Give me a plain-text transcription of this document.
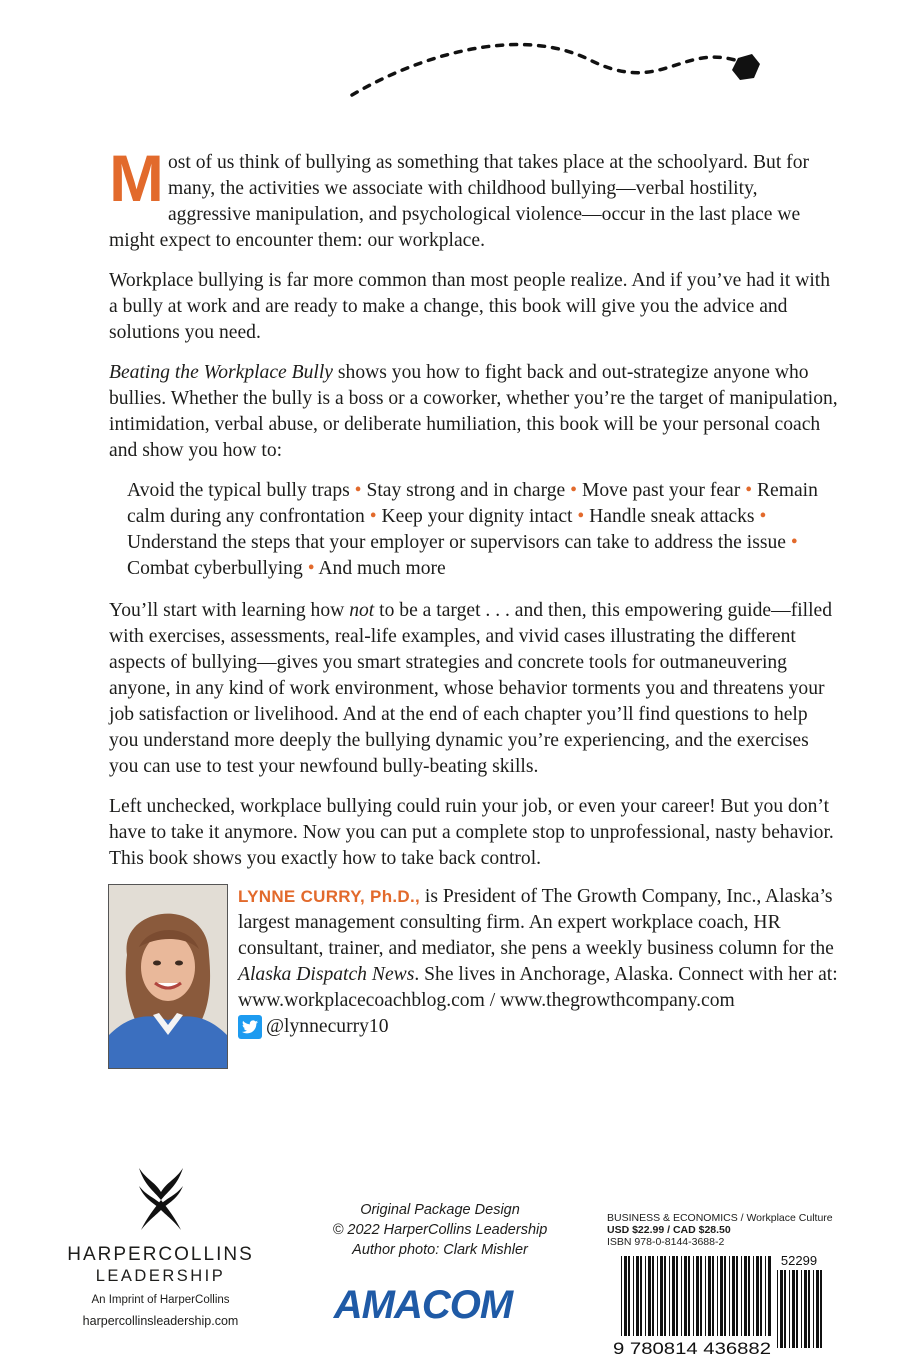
Most of us think of bullying as something that takes place at the schoolyard. But for many, the activities we associate with childhood bullying—verbal hostility, aggressive manipulation, and psychological violence—occur in the last place we might expect to encounter them: our workplace.

Workplace bullying is far more common than most people realize. And if you’ve had it with a bully at work and are ready to make a change, this book will give you the advice and solutions you need.

Beating the Workplace Bully shows you how to fight back and out-strategize anyone who bullies. Whether the bully is a boss or a coworker, whether you’re the target of manipulation, intimidation, verbal abuse, or deliberate humiliation, this book will be your personal coach and show you how to:

Avoid the typical bully traps • Stay strong and in charge • Move past your fear • Remain calm during any confrontation • Keep your dignity intact • Handle sneak attacks • Understand the steps that your employer or supervisors can take to address the issue • Combat cyberbullying • And much more

You’ll start with learning how not to be a target . . . and then, this empowering guide—filled with exercises, assessments, real-life examples, and vivid cases illustrating the different aspects of bullying—gives you smart strategies and concrete tools for outmaneuvering anyone, in any kind of work environment, whose behavior torments you and threatens your job satisfaction or livelihood. And at the end of each chapter you’ll find questions to help you understand more deeply the bullying dynamic you’re experiencing, and the exercises you can use to test your newfound bully-beating skills.

Left unchecked, workplace bullying could ruin your job, or even your career! But you don’t have to take it anymore. Now you can put a complete stop to unprofessional, nasty behavior. This book shows you exactly how to take back control.

LYNNE CURRY, Ph.D., is President of The Growth Company, Inc., Alaska’s largest management consulting firm. An expert workplace coach, HR consultant, trainer, and mediator, she pens a weekly business column for the Alaska Dispatch News. She lives in Anchorage, Alaska. Connect with her at:
www.workplacecoachblog.com / www.thegrowthcompany.com

@lynnecurry10
HARPERCOLLINS
LEADERSHIP
An Imprint of HarperCollins
harpercollinsleadership.com
Original Package Design
© 2022 HarperCollins Leadership
Author photo: Clark Mishler
AMACOM
BUSINESS & ECONOMICS / Workplace Culture
USD $22.99 / CAD $28.50
ISBN 978-0-8144-3688-2
52299
9 780814 436882
